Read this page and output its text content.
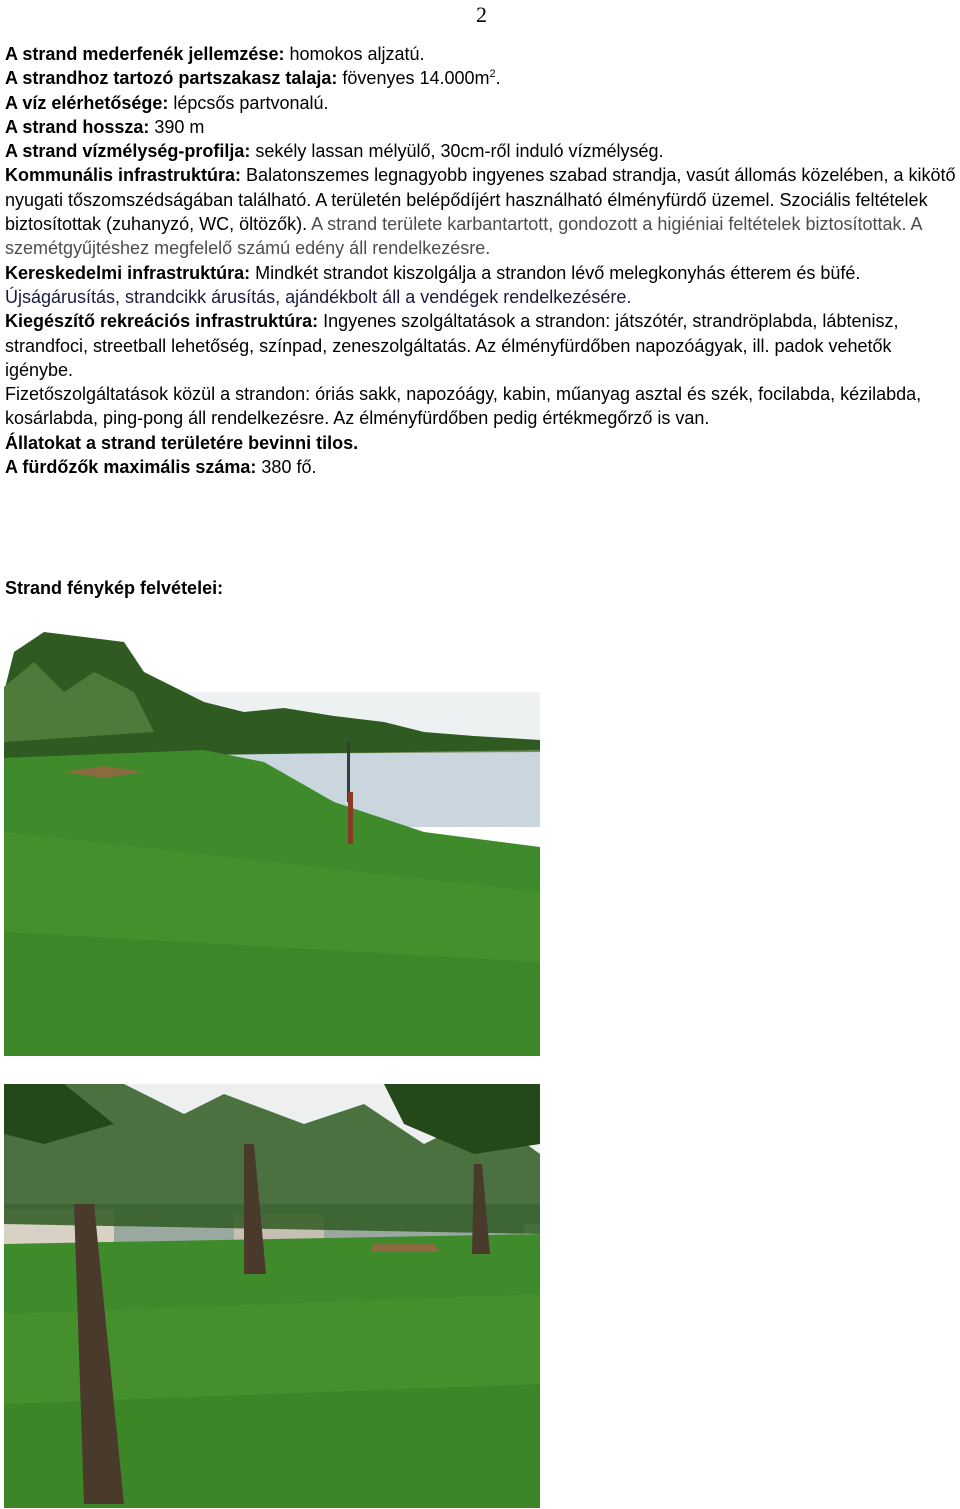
2

A strand mederfenék jellemzése: homokos aljzatú.

A strandhoz tartozó partszakasz talaja: fövenyes $14.000m^2$.

A víz elérhetősége: lépcsős partvonalú.

A strand hossza: 390 m

A strand vízmélység-profilja: sekély lassan mélyülő, 30cm-ről induló vízmélység.

Kommunális infrastruktúra: Balatonszemes legnagyobb ingyenes szabad strandja, vasút állomás közelében, a kikötő nyugati tőszomszédságában található. A területén belépődíjért használható élményfürdő üzemel. Szociális feltételek biztosítottak (zuhanyzó, WC, öltözők). A strand területe karbantartott, gondozott a higiéniai feltételek biztosítottak. A szemétgyűjtéshez megfelelő számú edény áll rendelkezésre.

Kereskedelmi infrastruktúra: Mindkét strandot kiszolgálja a strandon lévő melegkonyhás étterem és büfé. Újságárusítás, strandcikk árusítás, ajándékbolt áll a vendégek rendelkezésére.

Kiegészítő rekreációs infrastruktúra: Ingyenes szolgáltatások a strandon: játszótér, strandröplabda, lábtenisz, strandfoci, streetball lehetőség, színpad, zeneszolgáltatás. Az élményfürdőben napozóágyak, ill. padok vehetők igénybe.

Fizetőszolgáltatások közül a strandon: óriás sakk, napozóágy, kabin, műanyag asztal és szék, focilabda, kézilabda, kosárlabda, ping-pong áll rendelkezésre. Az élményfürdőben pedig értékmegőrző is van.

Állatokat a strand területére bevinni tilos.

A fürdőzők maximális száma: 380 fő.

Strand fénykép felvételei:
